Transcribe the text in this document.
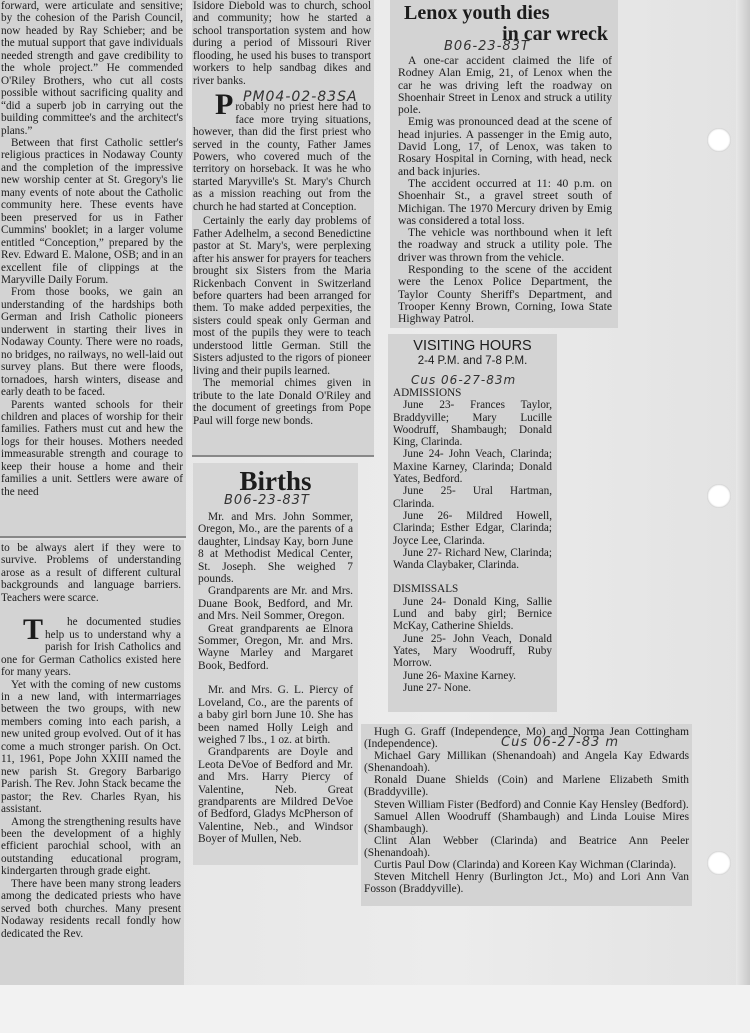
forward, were articulate and sensitive; by the cohesion of the Parish Council, now headed by Ray Schieber; and be the mutual support that gave individuals needed strength and gave credibility to the whole project.” He commended O'Riley Brothers, who cut all costs possible without sacrificing quality and “did a superb job in carrying out the building committee's and the architect's plans.”

Between that first Catholic settler's religious practices in Nodaway County and the completion of the impressive new worship center at St. Gregory's lie many events of note about the Catholic community here. These events have been preserved for us in Father Cummins' booklet; in a larger volume entitled “Conception,” prepared by the Rev. Edward E. Malone, OSB; and in an excellent file of clippings at the Maryville Daily Forum.

From those books, we gain an understanding of the hardships both German and Irish Catholic pioneers underwent in starting their lives in Nodaway County. There were no roads, no bridges, no railways, no well-laid out survey plans. But there were floods, tornadoes, harsh winters, disease and early death to be faced.

Parents wanted schools for their children and places of worship for their families. Fathers must cut and hew the logs for their houses. Mothers needed immeasurable strength and courage to keep their house a home and their families a unit. Settlers were aware of the need

to be always alert if they were to survive. Problems of understanding arose as a result of different cultural backgrounds and language barriers. Teachers were scarce.

T he documented studies help us to understand why a parish for Irish Catholics and one for German Catholics existed here for many years.

Yet with the coming of new customs in a new land, with intermarriages between the two groups, with new members coming into each parish, a new united group evolved. Out of it has come a much stronger parish. On Oct. 11, 1961, Pope John XXIII named the new parish St. Gregory Barbarigo Parish. The Rev. John Stack became the pastor; the Rev. Charles Ryan, his assistant.

Among the strengthening results have been the development of a highly efficient parochial school, with an outstanding educational program, kindergarten through grade eight.

There have been many strong leaders among the dedicated priests who have served both churches. Many present Nodaway residents recall fondly how dedicated the Rev.

Isidore Diebold was to church, school and community; how he started a school transportation system and how during a period of Missouri River flooding, he used his buses to transport workers to help sandbag dikes and river banks.

PM04-02-83SA

Probably no priest here had to face more trying situations, however, than did the first priest who served in the county, Father James Powers, who covered much of the territory on horseback. It was he who started Maryville's St. Mary's Church as a mission reaching out from the church he had started at Conception.

Certainly the early day problems of Father Adelhelm, a second Benedictine pastor at St. Mary's, were perplexing after his answer for prayers for teachers brought six Sisters from the Maria Rickenbach Convent in Switzerland before quarters had been arranged for them. To make added perpexities, the sisters could speak only German and most of the pupils they were to teach understood little German. Still the Sisters adjusted to the rigors of pioneer living and their pupils learned.

The memorial chimes given in tribute to the late Donald O'Riley and the document of greetings from Pope Paul will forge new bonds.

Births
B06-23-83T

Mr. and Mrs. John Sommer, Oregon, Mo., are the parents of a daughter, Lindsay Kay, born June 8 at Methodist Medical Center, St. Joseph. She weighed 7 pounds.

Grandparents are Mr. and Mrs. Duane Book, Bedford, and Mr. and Mrs. Neil Sommer, Oregon.

Great grandparents ae Elnora Sommer, Oregon, Mr. and Mrs. Wayne Marley and Margaret Book, Bedford.

Mr. and Mrs. G. L. Piercy of Loveland, Co., are the parents of a baby girl born June 10. She has been named Holly Leigh and weighed 7 lbs., 1 oz. at birth.

Grandparents are Doyle and Leota DeVoe of Bedford and Mr. and Mrs. Harry Piercy of Valentine, Neb. Great grandparents are Mildred DeVoe of Bedford, Gladys McPherson of Valentine, Neb., and Windsor Boyer of Mullen, Neb.

Lenox youth dies
in car wreck
B06-23-83T

A one-car accident claimed the life of Rodney Alan Emig, 21, of Lenox when the car he was driving left the roadway on Shoenhair Street in Lenox and struck a utility pole.

Emig was pronounced dead at the scene of head injuries. A passenger in the Emig auto, David Long, 17, of Lenox, was taken to Rosary Hospital in Corning, with head, neck and back injuries.

The accident occurred at 11: 40 p.m. on Shoenhair St., a gravel street south of Michigan. The 1970 Mercury driven by Emig was considered a total loss.

The vehicle was northbound when it left the roadway and struck a utility pole. The driver was thrown from the vehicle.

Responding to the scene of the accident were the Lenox Police Department, the Taylor County Sheriff's Department, and Trooper Kenny Brown, Corning, Iowa State Highway Patrol.

VISITING HOURS
2-4 P.M. and 7-8 P.M.
Cus 06-27-83m
ADMISSIONS

June 23- Frances Taylor, Braddyville; Mary Lucille Woodruff, Shambaugh; Donald King, Clarinda.

June 24- John Veach, Clarinda; Maxine Karney, Clarinda; Donald Yates, Bedford.

June 25- Ural Hartman, Clarinda.

June 26- Mildred Howell, Clarinda; Esther Edgar, Clarinda; Joyce Lee, Clarinda.

June 27- Richard New, Clarinda; Wanda Claybaker, Clarinda.

DISMISSALS

June 24- Donald King, Sallie Lund and baby girl; Bernice McKay, Catherine Shields.

June 25- John Veach, Donald Yates, Mary Woodruff, Ruby Morrow.

June 26- Maxine Karney.

June 27- None.

Cus 06-27-83 m

Hugh G. Graff (Independence, Mo) and Norma Jean Cottingham (Independence).

Michael Gary Millikan (Shenandoah) and Angela Kay Edwards (Shenandoah).

Ronald Duane Shields (Coin) and Marlene Elizabeth Smith (Braddyville).

Steven William Fister (Bedford) and Connie Kay Hensley (Bedford).

Samuel Allen Woodruff (Shambaugh) and Linda Louise Mires (Shambaugh).

Clint Alan Webber (Clarinda) and Beatrice Ann Peeler (Shenandoah).

Curtis Paul Dow (Clarinda) and Koreen Kay Wichman (Clarinda).

Steven Mitchell Henry (Burlington Jct., Mo) and Lori Ann Van Fosson (Braddyville).
